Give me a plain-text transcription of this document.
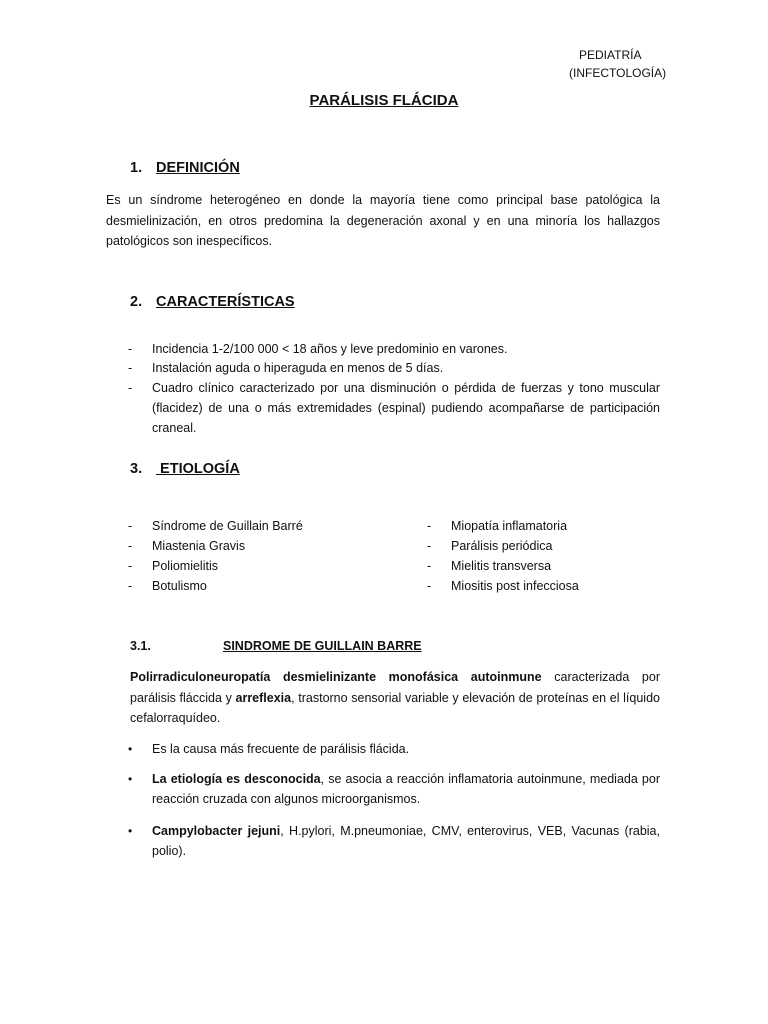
PEDIATRÍA
(INFECTOLOGÍA)
PARÁLISIS FLÁCIDA
1. DEFINICIÓN
Es un síndrome heterogéneo en donde la mayoría tiene como principal base patológica la desmielinización, en otros predomina la degeneración axonal y en una minoría los hallazgos patológicos son inespecíficos.
2. CARACTERÍSTICAS
-	Incidencia 1-2/100 000 < 18 años y leve predominio en varones.
-	Instalación aguda o hiperaguda en menos de 5 días.
-	Cuadro clínico caracterizado por una disminución o pérdida de fuerzas y tono muscular (flacidez) de una o más extremidades (espinal) pudiendo acompañarse de participación craneal.
3.  ETIOLOGÍA
-	Síndrome de Guillain Barré
-	Miastenia Gravis
-	Poliomielitis
-	Botulismo
-	Miopatía inflamatoria
-	Parálisis periódica
-	Mielitis transversa
-	Miositis post infecciosa
3.1.	SINDROME DE GUILLAIN BARRE
Polirradiculoneuropatía desmielinizante monofásica autoinmune caracterizada por parálisis fláccida y arreflexia, trastorno sensorial variable y elevación de proteínas en el líquido cefalorraquídeo.
• Es la causa más frecuente de parálisis flácida.
• La etiología es desconocida, se asocia a reacción inflamatoria autoinmune, mediada por reacción cruzada con algunos microorganismos.
• Campylobacter jejuni, H.pylori, M.pneumoniae, CMV, enterovirus, VEB, Vacunas (rabia, polio).
